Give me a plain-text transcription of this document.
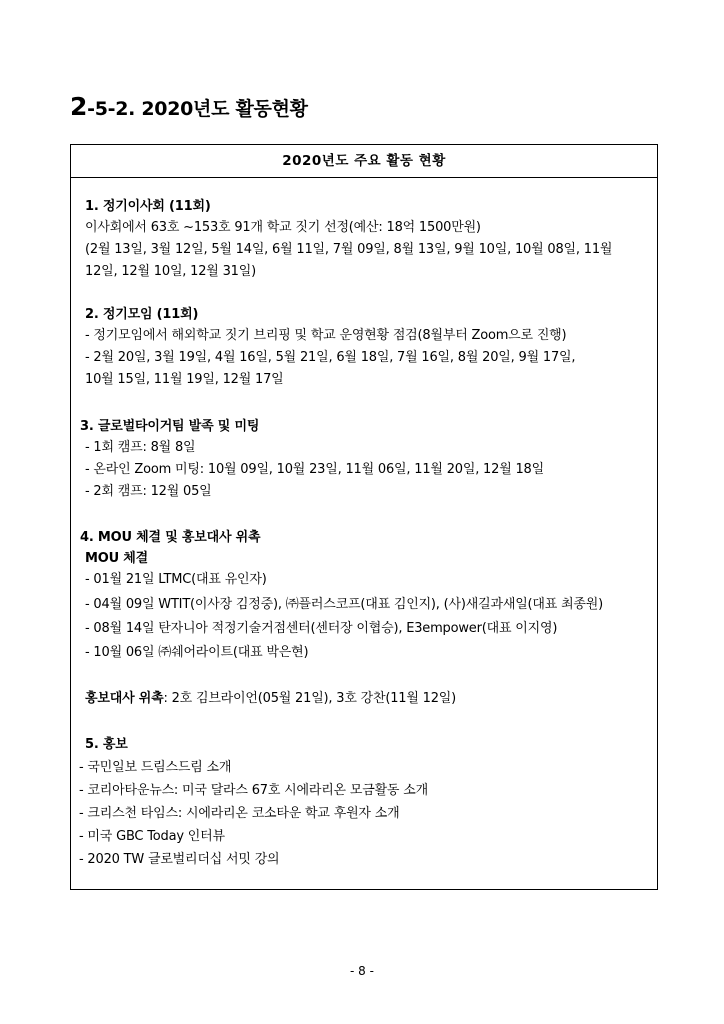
2-5-2. 2020년도 활동현황
2020년도 주요 활동 현황
1. 정기이사회 (11회)
이사회에서 63호 ~153호 91개 학교 짓기 선정(예산: 18억 1500만원)
(2월 13일, 3월 12일, 5월 14일, 6월 11일, 7월 09일, 8월 13일, 9월 10일, 10월 08일, 11월
12일, 12월 10일, 12월 31일)
2. 정기모임 (11회)
- 정기모임에서 해외학교 짓기 브리핑 및 학교 운영현황 점검(8월부터 Zoom으로 진행)
- 2월 20일, 3월 19일, 4월 16일, 5월 21일, 6월 18일, 7월 16일, 8월 20일, 9월 17일,
10월 15일, 11월 19일, 12월 17일
3. 글로벌타이거팀 발족 및 미팅
- 1회 캠프: 8월 8일
- 온라인 Zoom 미팅: 10월 09일, 10월 23일, 11월 06일, 11월 20일, 12월 18일
- 2회 캠프: 12월 05일
4. MOU 체결 및 홍보대사 위촉
MOU 체결
- 01월 21일 LTMC(대표 유인자)
- 04월 09일 WTIT(이사장 김정중), ㈜플러스코프(대표 김인지), (사)새길과새일(대표 최종원)
- 08월 14일 탄자니아 적정기술거점센터(센터장 이협승), E3empower(대표 이지영)
- 10월 06일 ㈜쉐어라이트(대표 박은현)
홍보대사 위촉: 2호 김브라이언(05월 21일), 3호 강찬(11월 12일)
5. 홍보
- 국민일보 드림스드림 소개
- 코리아타운뉴스: 미국 달라스 67호 시에라리온 모금활동 소개
- 크리스천 타임스: 시에라리온 코소타운 학교 후원자 소개
- 미국 GBC Today 인터뷰
- 2020 TW 글로벌리더십 서밋 강의
- 8 -
